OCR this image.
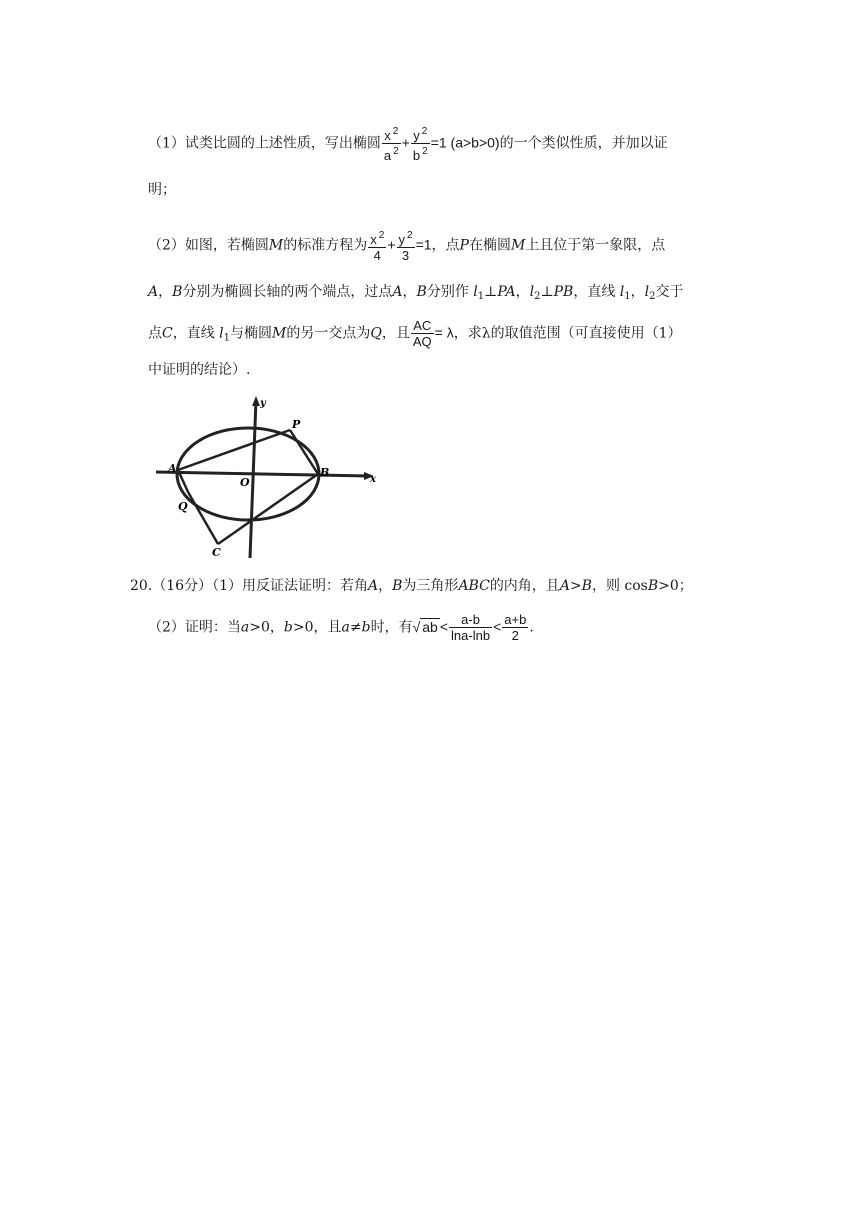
（1）试类比圆的上述性质，写出椭圆 $\frac{x ^2}{a ^2} + \frac{y ^2}{b ^2} =1$ (a>b>0)的一个类似性质，并加以证
明；
（2）如图，若椭圆M的标准方程为 $\frac{x ^2}{4} + \frac{y ^2}{3} =1$，点P在椭圆M上且位于第一象限，点
A，B分别为椭圆长轴的两个端点，过点A，B分别作 $l_1\perp PA$，$l_2\perp PB$，直线 $l_1$，$l_2$交于
点C，直线 $l_1$与椭圆M的另一交点为Q，且 $\frac{AC}{AQ} = \lambda$，求λ的取值范围（可直接使用（1）
中证明的结论）.
y
x
P
A	B
O
Q
C
20.（16分）（1）用反证法证明：若角A，B为三角形ABC的内角，且A>B，则 cosB>0；
（2）证明：当a>0，b>0，且a≠b时，有√ ab < $\frac{a-b}{\ln a-\ln b} < \frac{a+b}{2}$ .
